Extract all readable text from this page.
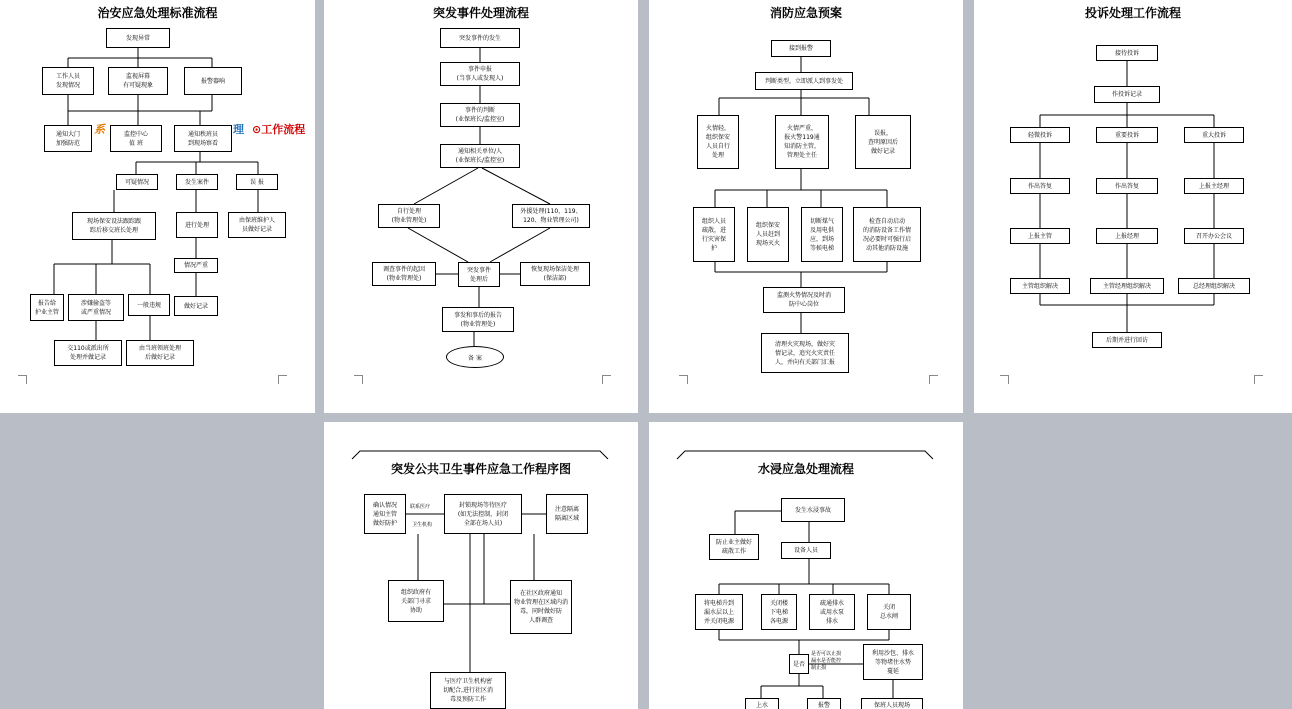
治安应急处理标准流程
发现异常
工作人员
发现情况
监视屏幕
有可疑现象
报警器响
通知大门
加强防范
系	监控中心
值 班
通知秩班员
到现场察看
理 ⊙工作流程
可疑情况	发生案件	误 报
现场保安设法跟踪跟
踪后移交班长处理
进行处理
由保班维护人
员做好记录
情况严重
报告给
护业主管
涉嫌偷盗等
或严重情况
一般违规	做好记录
交110或派出所
处理并做记录
由当班领班处理
后做好记录
突发事件处理流程
突发事件的发生
事件申报
(当事人或发现人)
事件的判断
(业保班长/监控室)
通知相关单位/人
(业保班长/监控室)
自行处理
(物业管理处)
外援处理(110、119、
120、物业管理公司)
调查事件的起因
(物业管理处)
突发事件
处理后
恢复现场保洁处理
(保洁部)
事发和事后的报告
(物业管理处)
备 案
消防应急预案
接到报警
判断类型，立即派人到事发处
火情轻，
组织保安
人员自行
处理
火情严重，
报火警119通
知消防主管，
管理处主任
误报，
查明原因后
做好记录
组织人员
疏散，进
行灾害保
护
组织保安
人员赶到
现场灭火
切断煤气
及用电供
应，到场
等候电梯
检查自动启动
的消防设备工作情
况必要时可强行启
动其他消防设施
监测火势情况及时消
防中心岗位
清理火灾现场，做好灾
情记录，追究火灾责任
人，并向有关部门汇报
投诉处理工作流程
接待投诉
作投诉记录
轻微投诉	重要投诉	重大投诉
作出答复	作出答复	上报主经理
上报主管	上报经理	召开办公会议
主管组织解决	主管经理组织解决	总经理组织解决
后期并进行回访
突发公共卫生事件应急工作程序图
确认情况
通知主管
做好防护
联系医疗
卫生机构
封锁现场等待医疗
(如无法控制，封闭
全部在场人员)
注意隔离
隔离区域
组织政府有
关部门寻求
协助
在社区政府通知
物业管理在区域内消
毒，同时做好防
人群调查
与医疗卫生机构密
切配合,进行社区消
毒及预防工作
水浸应急处理流程
发生水浸事故
防止业主做好
疏散工作	设备人员
将电梯升到
漏水层以上
并关闭电源
关闭楼
下电梯
各电源
疏通排水
或用水泵
排水
关闭
总水闸
是否
是否可以止损
漏水是否能控
制止损
利用沙包、排水
等物堵住水势
蔓延
上水	报警	保班人员现场
